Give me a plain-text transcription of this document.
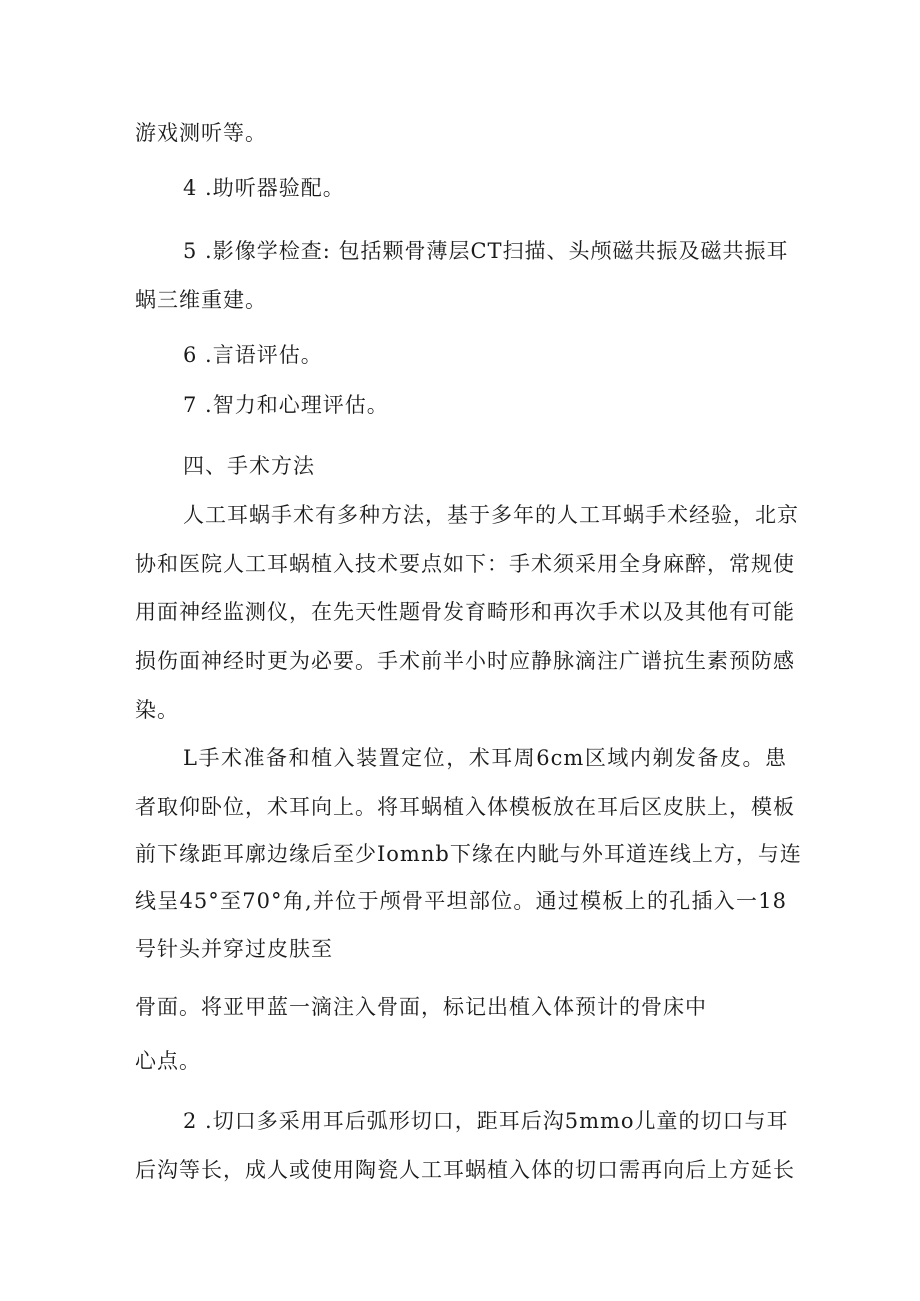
游戏测听等。
4 .助听器验配。
5 .影像学检查: 包括颗骨薄层CT扫描、头颅磁共振及磁共振耳
蜗三维重建。
6 .言语评估。
7 .智力和心理评估。
四、手术方法
人工耳蜗手术有多种方法，基于多年的人工耳蜗手术经验，北京
协和医院人工耳蜗植入技术要点如下：手术须采用全身麻醉，常规使
用面神经监测仪，在先天性题骨发育畸形和再次手术以及其他有可能
损伤面神经时更为必要。手术前半小时应静脉滴注广谱抗生素预防感
染。
L手术准备和植入装置定位，术耳周6cm区域内剃发备皮。患
者取仰卧位，术耳向上。将耳蜗植入体模板放在耳后区皮肤上，模板
前下缘距耳廓边缘后至少Iomnb下缘在内眦与外耳道连线上方，与连
线呈45°至70°角,并位于颅骨平坦部位。通过模板上的孔插入一18
号针头并穿过皮肤至
骨面。将亚甲蓝一滴注入骨面，标记出植入体预计的骨床中
心点。
2 .切口多采用耳后弧形切口，距耳后沟5mmo儿童的切口与耳
后沟等长，成人或使用陶瓷人工耳蜗植入体的切口需再向后上方延长
